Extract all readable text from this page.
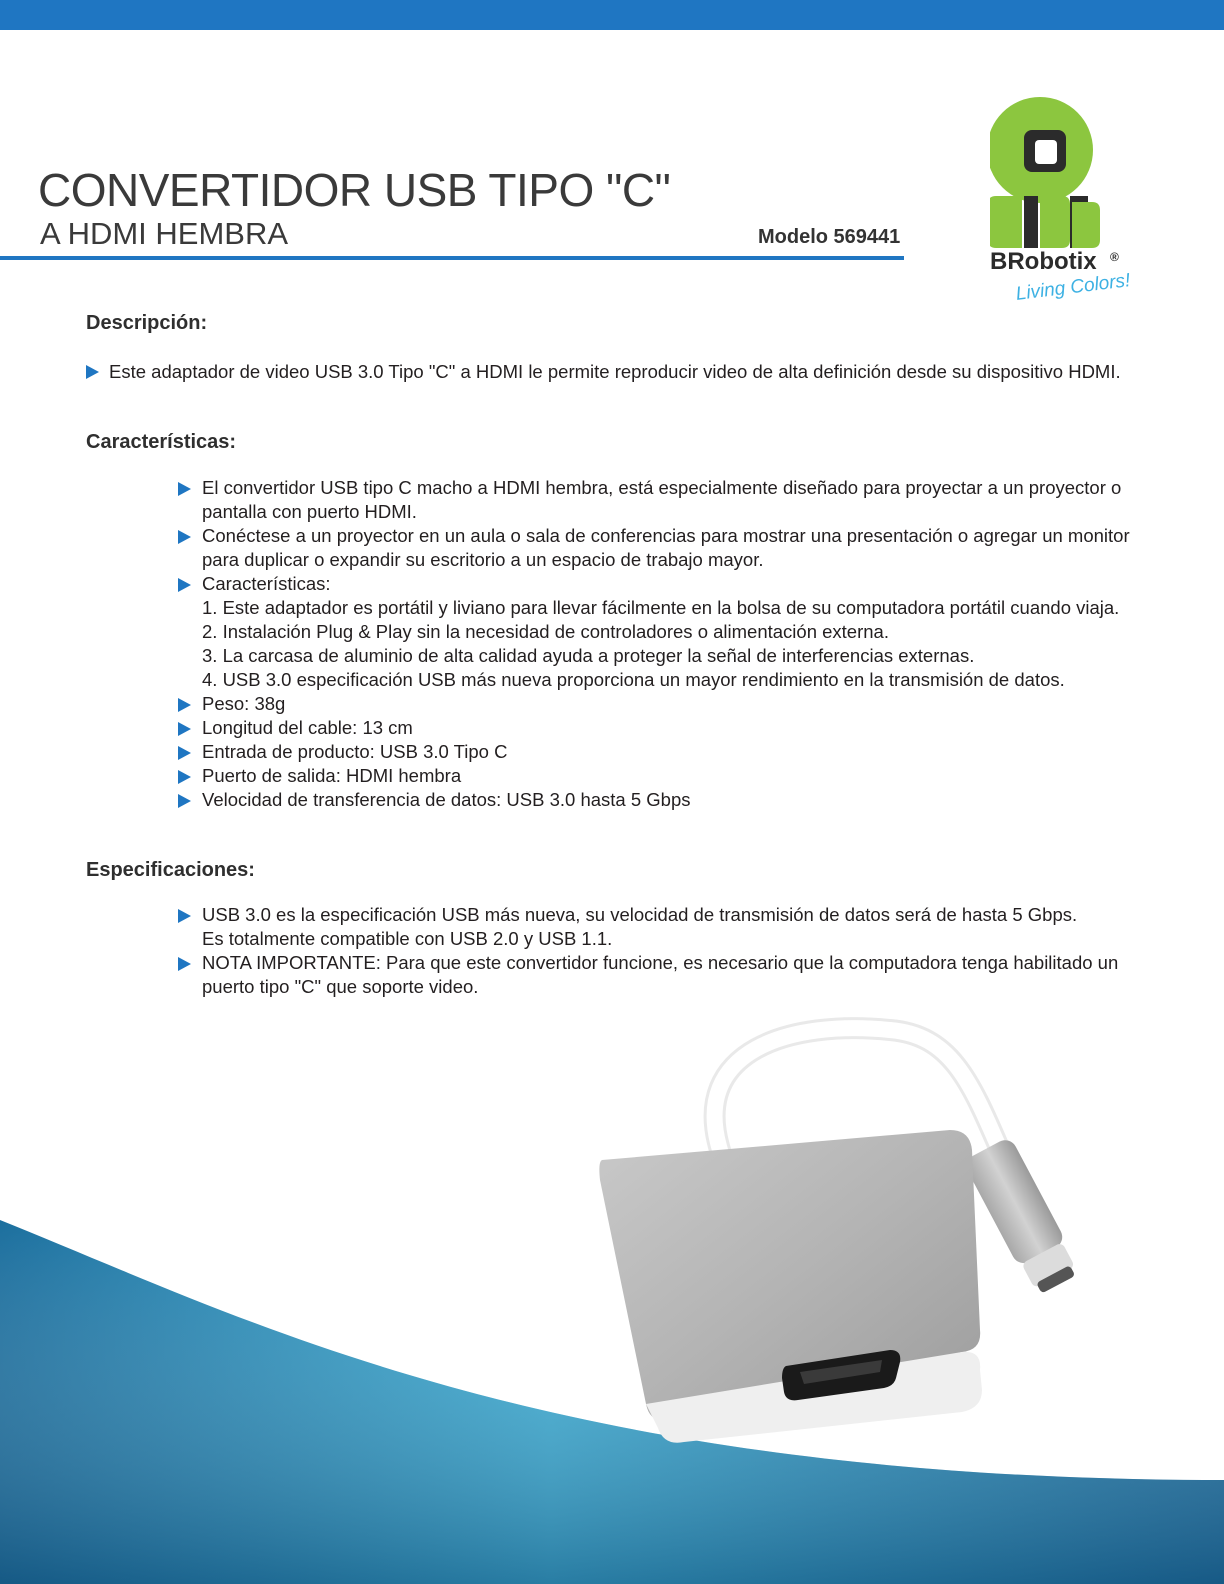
CONVERTIDOR USB TIPO "C"
A HDMI HEMBRA	Modelo 569441
BRobotix ®
Living Colors!
Descripción:
Este adaptador de video USB 3.0 Tipo "C" a HDMI le permite reproducir video de alta definición desde su dispositivo HDMI.
Características:
El convertidor USB tipo C macho a HDMI hembra, está especialmente diseñado para proyectar a un proyector o
pantalla con puerto HDMI.
Conéctese a un proyector en un aula o sala de conferencias para mostrar una presentación o agregar un monitor
para duplicar o expandir su escritorio a un espacio de trabajo mayor.
Características:
1. Este adaptador es portátil y liviano para llevar fácilmente en la bolsa de su computadora portátil cuando viaja.
2. Instalación Plug & Play sin la necesidad de controladores o alimentación externa.
3. La carcasa de aluminio de alta calidad ayuda a proteger la señal de interferencias externas.
4. USB 3.0 especificación USB más nueva proporciona un mayor rendimiento en la transmisión de datos.
Peso: 38g
Longitud del cable: 13 cm
Entrada de producto: USB 3.0 Tipo C
Puerto de salida: HDMI hembra
Velocidad de transferencia de datos: USB 3.0 hasta 5 Gbps
Especificaciones:
USB 3.0 es la especificación USB más nueva, su velocidad de transmisión de datos será de hasta 5 Gbps.
Es totalmente compatible con USB 2.0 y USB 1.1.
NOTA IMPORTANTE: Para que este convertidor funcione, es necesario que la computadora tenga habilitado un
puerto tipo "C" que soporte video.
